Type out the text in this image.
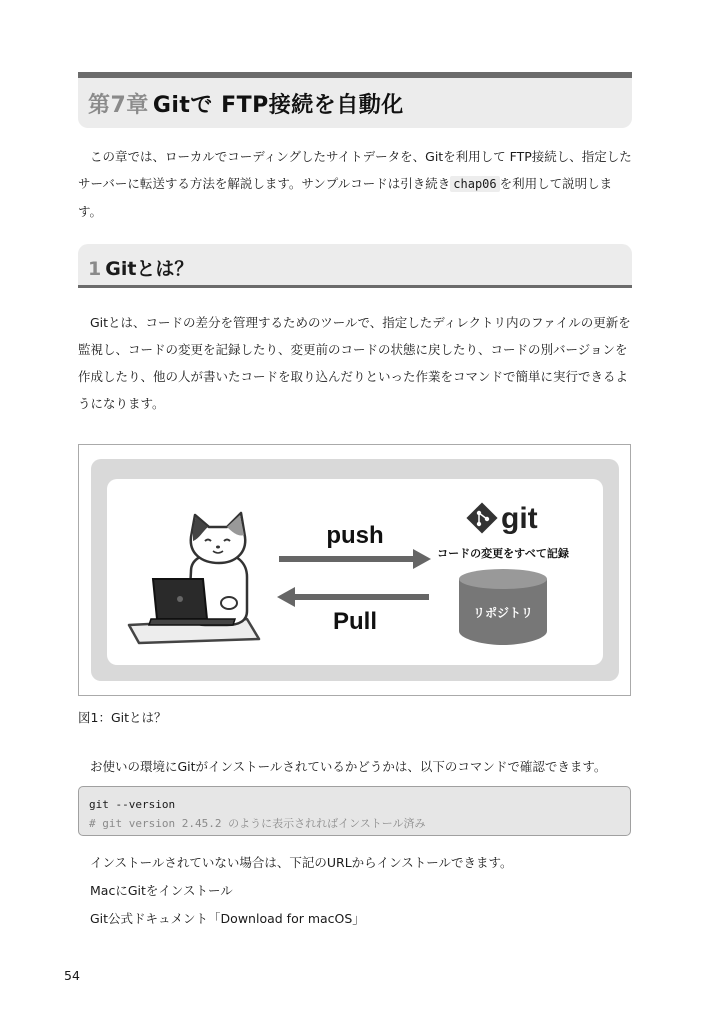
第7章 Gitで FTP接続を自動化
この章では、ローカルでコーディングしたサイトデータを、Gitを利用して FTP接続し、指定したサーバーに転送する方法を解説します。サンプルコードは引き続き chap06 を利用して説明します。
1 Gitとは？
Gitとは、コードの差分を管理するためのツールで、指定したディレクトリ内のファイルの更新を監視し、コードの変更を記録したり、変更前のコードの状態に戻したり、コードの別バージョンを作成したり、他の人が書いたコードを取り込んだりといった作業をコマンドで簡単に実行できるようになります。
push
Pull
git
コードの変更をすべて記録
リポジトリ
図1：Gitとは？
お使いの環境にGitがインストールされているかどうかは、以下のコマンドで確認できます。
git --version
# git version 2.45.2 のように表示されればインストール済み
インストールされていない場合は、下記のURLからインストールできます。
MacにGitをインストール
Git公式ドキュメント「Download for macOS」
54
